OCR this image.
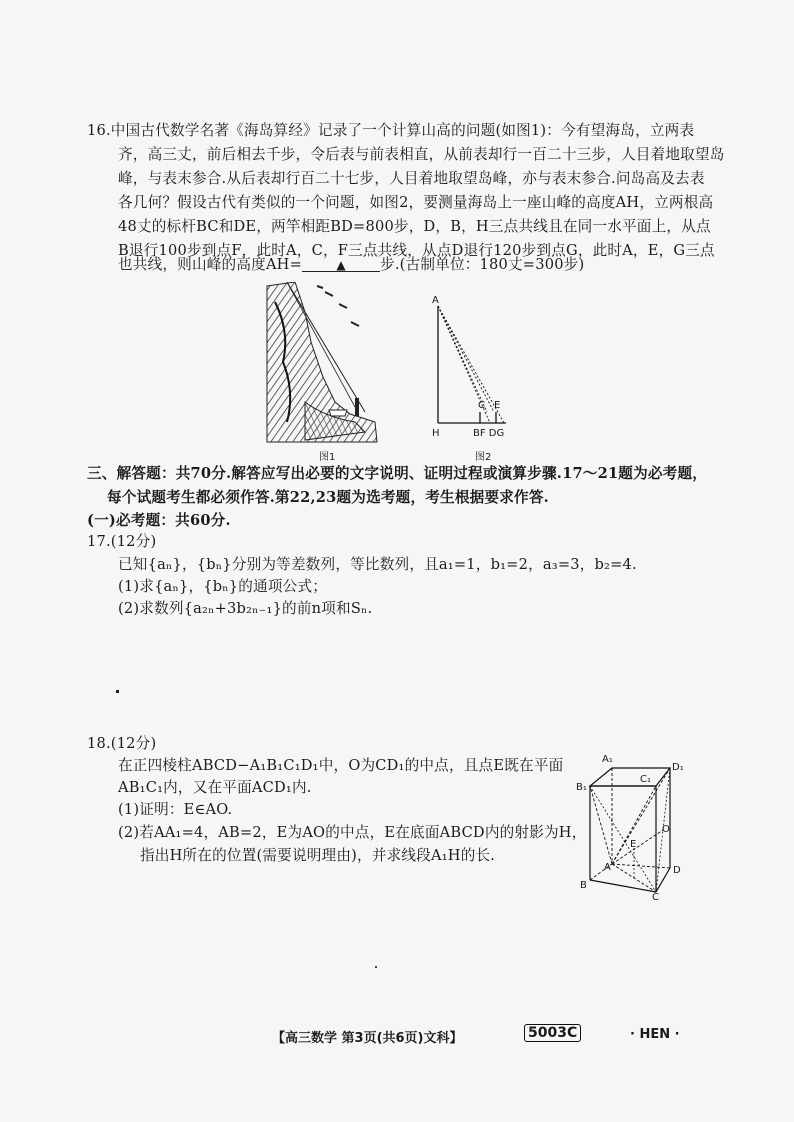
16.中国古代数学名著《海岛算经》记录了一个计算山高的问题(如图1)：今有望海岛，立两表
齐，高三丈，前后相去千步，令后表与前表相直，从前表却行一百二十三步，人目着地取望岛
峰，与表末参合.从后表却行百二十七步，人目着地取望岛峰，亦与表末参合.问岛高及去表
各几何？假设古代有类似的一个问题，如图2，要测量海岛上一座山峰的高度AH，立两根高
48丈的标杆BC和DE，两竿相距BD=800步，D，B，H三点共线且在同一水平面上，从点
B退行100步到点F，此时A，C，F三点共线，从点D退行120步到点G，此时A，E，G三点
也共线，则山峰的高度AH=	▲ 步.(古制单位：180丈=300步)
图1
A
C E
H	BF DG
图2
三、解答题：共70分.解答应写出必要的文字说明、证明过程或演算步骤.17～21题为必考题，
每个试题考生都必须作答.第22,23题为选考题，考生根据要求作答.
(一)必考题：共60分.
17.(12分)
已知{aₙ}，{bₙ}分别为等差数列，等比数列，且a₁=1，b₁=2，a₃=3，b₂=4.
(1)求{aₙ}，{bₙ}的通项公式；
(2)求数列{a₂ₙ+3b₂ₙ₋₁}的前n项和Sₙ.
18.(12分)
在正四棱柱ABCD−A₁B₁C₁D₁中，O为CD₁的中点，且点E既在平面
AB₁C₁内，又在平面ACD₁内.
(1)证明：E∈AO.
(2)若AA₁=4，AB=2，E为AO的中点，E在底面ABCD内的射影为H，
指出H所在的位置(需要说明理由)，并求线段A₁H的长.
A₁
D₁
C₁
B₁
O
E
A	D
B
C
【高三数学 第3页(共6页)文科】	5003C	· HEN ·
